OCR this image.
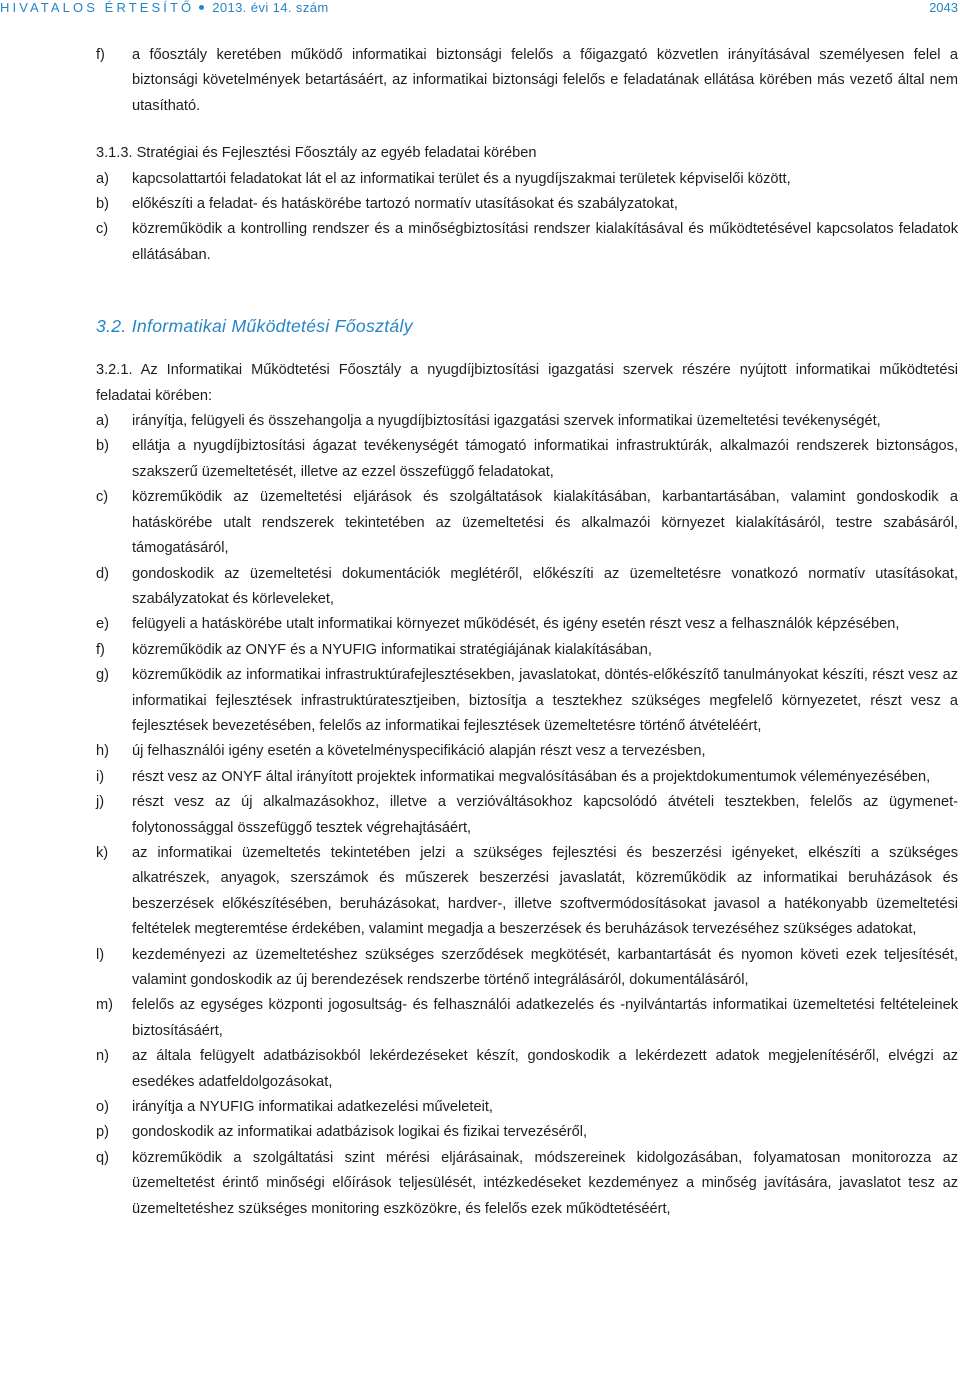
HIVATALOS ÉRTESÍTŐ 2013. évi 14. szám	2043
f) a főosztály keretében működő informatikai biztonsági felelős a főigazgató közvetlen irányításával személyesen felel a biztonsági követelmények betartásáért, az informatikai biztonsági felelős e feladatának ellátása körében más vezető által nem utasítható.
3.1.3. Stratégiai és Fejlesztési Főosztály az egyéb feladatai körében
a) kapcsolattartói feladatokat lát el az informatikai terület és a nyugdíjszakmai területek képviselői között,
b) előkészíti a feladat- és hatáskörébe tartozó normatív utasításokat és szabályzatokat,
c) közreműködik a kontrolling rendszer és a minőségbiztosítási rendszer kialakításával és működtetésével kapcsolatos feladatok ellátásában.
3.2. Informatikai Működtetési Főosztály
3.2.1. Az Informatikai Működtetési Főosztály a nyugdíjbiztosítási igazgatási szervek részére nyújtott informatikai működtetési feladatai körében:
a) irányítja, felügyeli és összehangolja a nyugdíjbiztosítási igazgatási szervek informatikai üzemeltetési tevékenységét,
b) ellátja a nyugdíjbiztosítási ágazat tevékenységét támogató informatikai infrastruktúrák, alkalmazói rendszerek biztonságos, szakszerű üzemeltetését, illetve az ezzel összefüggő feladatokat,
c) közreműködik az üzemeltetési eljárások és szolgáltatások kialakításában, karbantartásában, valamint gondoskodik a hatáskörébe utalt rendszerek tekintetében az üzemeltetési és alkalmazói környezet kialakításáról, testre szabásáról, támogatásáról,
d) gondoskodik az üzemeltetési dokumentációk meglétéről, előkészíti az üzemeltetésre vonatkozó normatív utasításokat, szabályzatokat és körleveleket,
e) felügyeli a hatáskörébe utalt informatikai környezet működését, és igény esetén részt vesz a felhasználók képzésében,
f) közreműködik az ONYF és a NYUFIG informatikai stratégiájának kialakításában,
g) közreműködik az informatikai infrastruktúrafejlesztésekben, javaslatokat, döntés-előkészítő tanulmányokat készíti, részt vesz az informatikai fejlesztések infrastruktúratesztjeiben, biztosítja a tesztekhez szükséges megfelelő környezetet, részt vesz a fejlesztések bevezetésében, felelős az informatikai fejlesztések üzemeltetésre történő átvételéért,
h) új felhasználói igény esetén a követelményspecifikáció alapján részt vesz a tervezésben,
i) részt vesz az ONYF által irányított projektek informatikai megvalósításában és a projektdokumentumok véleményezésében,
j) részt vesz az új alkalmazásokhoz, illetve a verzióváltásokhoz kapcsolódó átvételi tesztekben, felelős az ügymenet-folytonossággal összefüggő tesztek végrehajtásáért,
k) az informatikai üzemeltetés tekintetében jelzi a szükséges fejlesztési és beszerzési igényeket, elkészíti a szükséges alkatrészek, anyagok, szerszámok és műszerek beszerzési javaslatát, közreműködik az informatikai beruházások és beszerzések előkészítésében, beruházásokat, hardver-, illetve szoftvermódosításokat javasol a hatékonyabb üzemeltetési feltételek megteremtése érdekében, valamint megadja a beszerzések és beruházások tervezéséhez szükséges adatokat,
l) kezdeményezi az üzemeltetéshez szükséges szerződések megkötését, karbantartását és nyomon követi ezek teljesítését, valamint gondoskodik az új berendezések rendszerbe történő integrálásáról, dokumentálásáról,
m) felelős az egységes központi jogosultság- és felhasználói adatkezelés és -nyilvántartás informatikai üzemeltetési feltételeinek biztosításáért,
n) az általa felügyelt adatbázisokból lekérdezéseket készít, gondoskodik a lekérdezett adatok megjelenítéséről, elvégzi az esedékes adatfeldolgozásokat,
o) irányítja a NYUFIG informatikai adatkezelési műveleteit,
p) gondoskodik az informatikai adatbázisok logikai és fizikai tervezéséről,
q) közreműködik a szolgáltatási szint mérési eljárásainak, módszereinek kidolgozásában, folyamatosan monitorozza az üzemeltetést érintő minőségi előírások teljesülését, intézkedéseket kezdeményez a minőség javítására, javaslatot tesz az üzemeltetéshez szükséges monitoring eszközökre, és felelős ezek működtetéséért,
